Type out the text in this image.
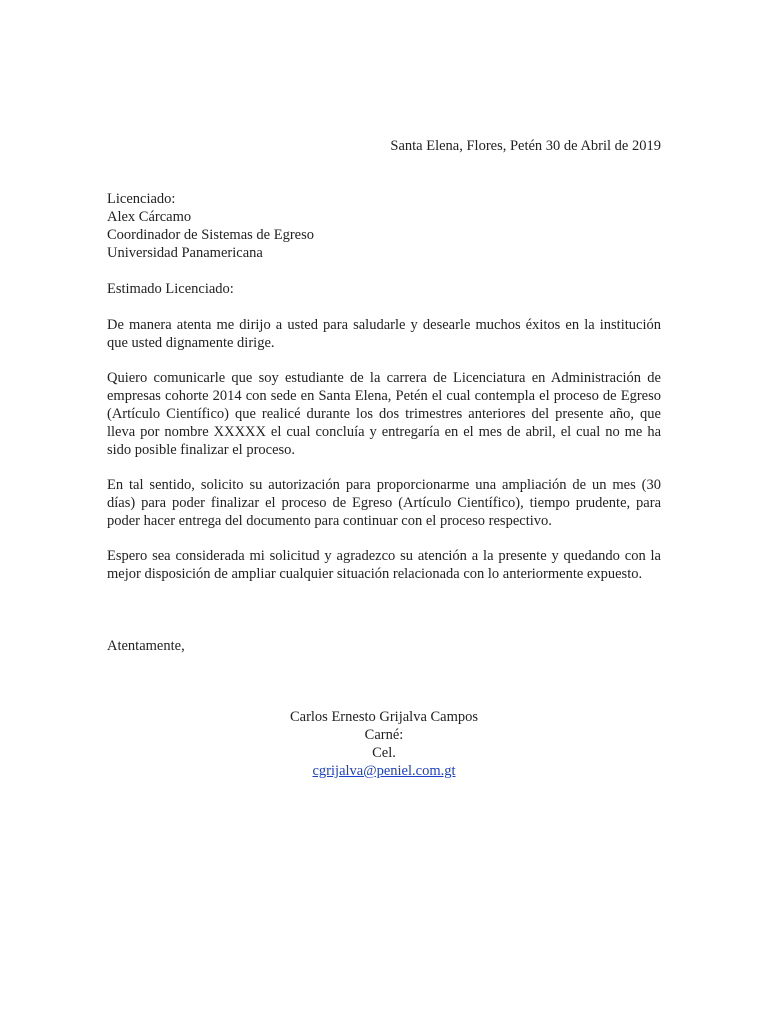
Santa Elena, Flores, Petén 30 de Abril de 2019
Licenciado:
Alex Cárcamo
Coordinador de Sistemas de Egreso
Universidad Panamericana
Estimado Licenciado:

De manera atenta me dirijo a usted para saludarle y desearle muchos éxitos en la institución que usted dignamente dirige.

Quiero comunicarle que soy estudiante de la carrera de Licenciatura en Administración de empresas cohorte 2014 con sede en Santa Elena, Petén el cual contempla el proceso de Egreso (Artículo Científico) que realicé durante los dos trimestres anteriores del presente año, que lleva por nombre XXXXX el cual concluía y entregaría en el mes de abril, el cual no me ha sido posible finalizar el proceso.

En tal sentido, solicito su autorización para proporcionarme una ampliación de un mes (30 días) para poder finalizar el proceso de Egreso (Artículo Científico), tiempo prudente, para poder hacer entrega del documento para continuar con el proceso respectivo.

Espero sea considerada mi solicitud y agradezco su atención a la presente y quedando con la mejor disposición de ampliar cualquier situación relacionada con lo anteriormente expuesto.

Atentamente,
Carlos Ernesto Grijalva Campos
Carné:
Cel.
cgrijalva@peniel.com.gt
